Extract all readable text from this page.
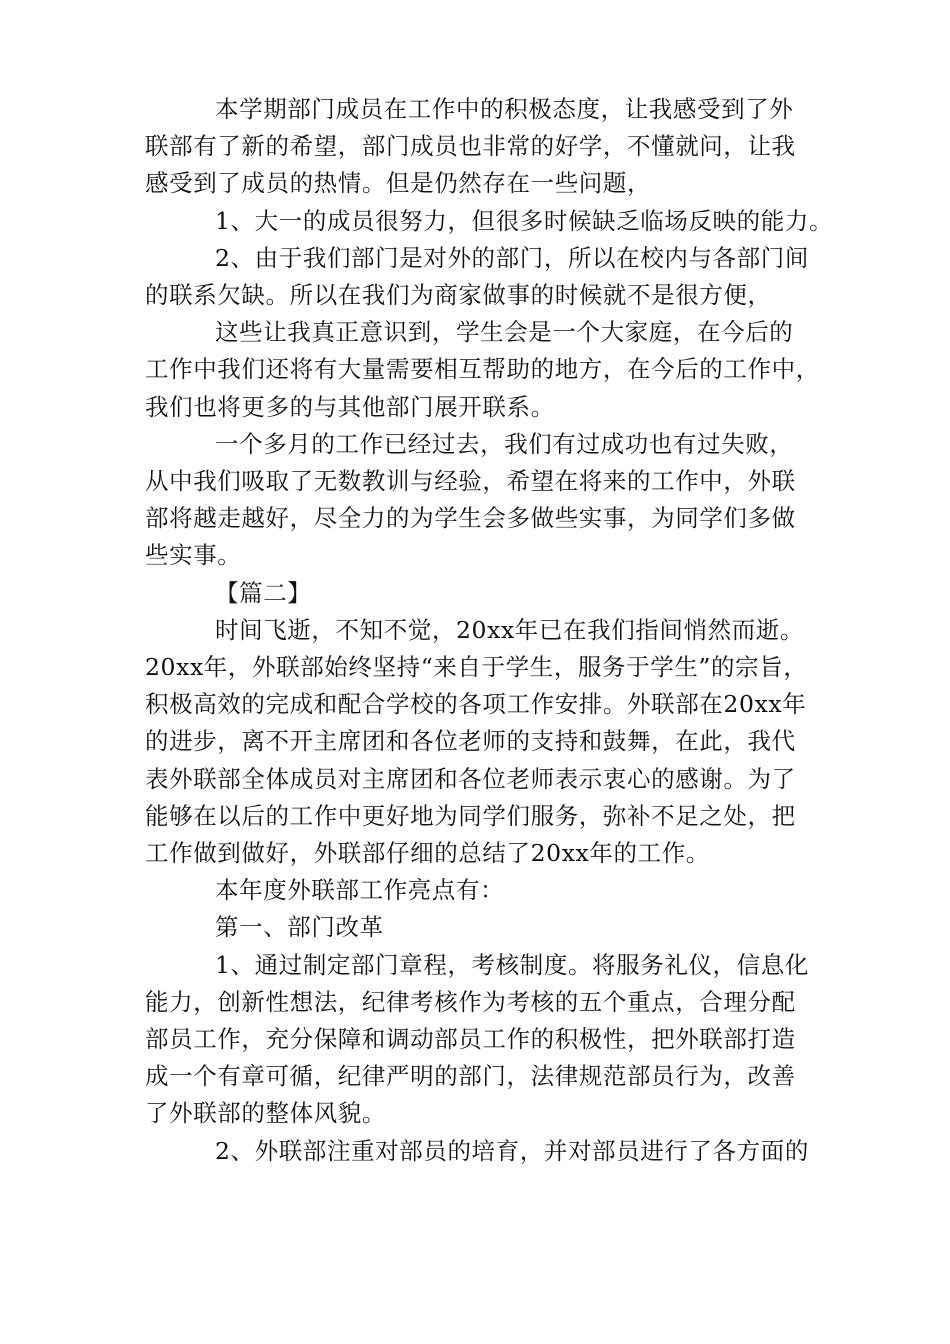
本学期部门成员在工作中的积极态度，让我感受到了外
联部有了新的希望，部门成员也非常的好学，不懂就问，让我
感受到了成员的热情。但是仍然存在一些问题，
1、大一的成员很努力，但很多时候缺乏临场反映的能力。
2、由于我们部门是对外的部门，所以在校内与各部门间
的联系欠缺。所以在我们为商家做事的时候就不是很方便，
这些让我真正意识到，学生会是一个大家庭，在今后的
工作中我们还将有大量需要相互帮助的地方，在今后的工作中，
我们也将更多的与其他部门展开联系。
一个多月的工作已经过去，我们有过成功也有过失败，
从中我们吸取了无数教训与经验，希望在将来的工作中，外联
部将越走越好，尽全力的为学生会多做些实事，为同学们多做
些实事。
【篇二】
时间飞逝，不知不觉，20xx年已在我们指间悄然而逝。
20xx年，外联部始终坚持“来自于学生，服务于学生”的宗旨，
积极高效的完成和配合学校的各项工作安排。外联部在20xx年
的进步，离不开主席团和各位老师的支持和鼓舞，在此，我代
表外联部全体成员对主席团和各位老师表示衷心的感谢。为了
能够在以后的工作中更好地为同学们服务，弥补不足之处，把
工作做到做好，外联部仔细的总结了20xx年的工作。
本年度外联部工作亮点有：
第一、部门改革
1、通过制定部门章程，考核制度。将服务礼仪，信息化
能力，创新性想法，纪律考核作为考核的五个重点，合理分配
部员工作，充分保障和调动部员工作的积极性，把外联部打造
成一个有章可循，纪律严明的部门，法律规范部员行为，改善
了外联部的整体风貌。
2、外联部注重对部员的培育，并对部员进行了各方面的
